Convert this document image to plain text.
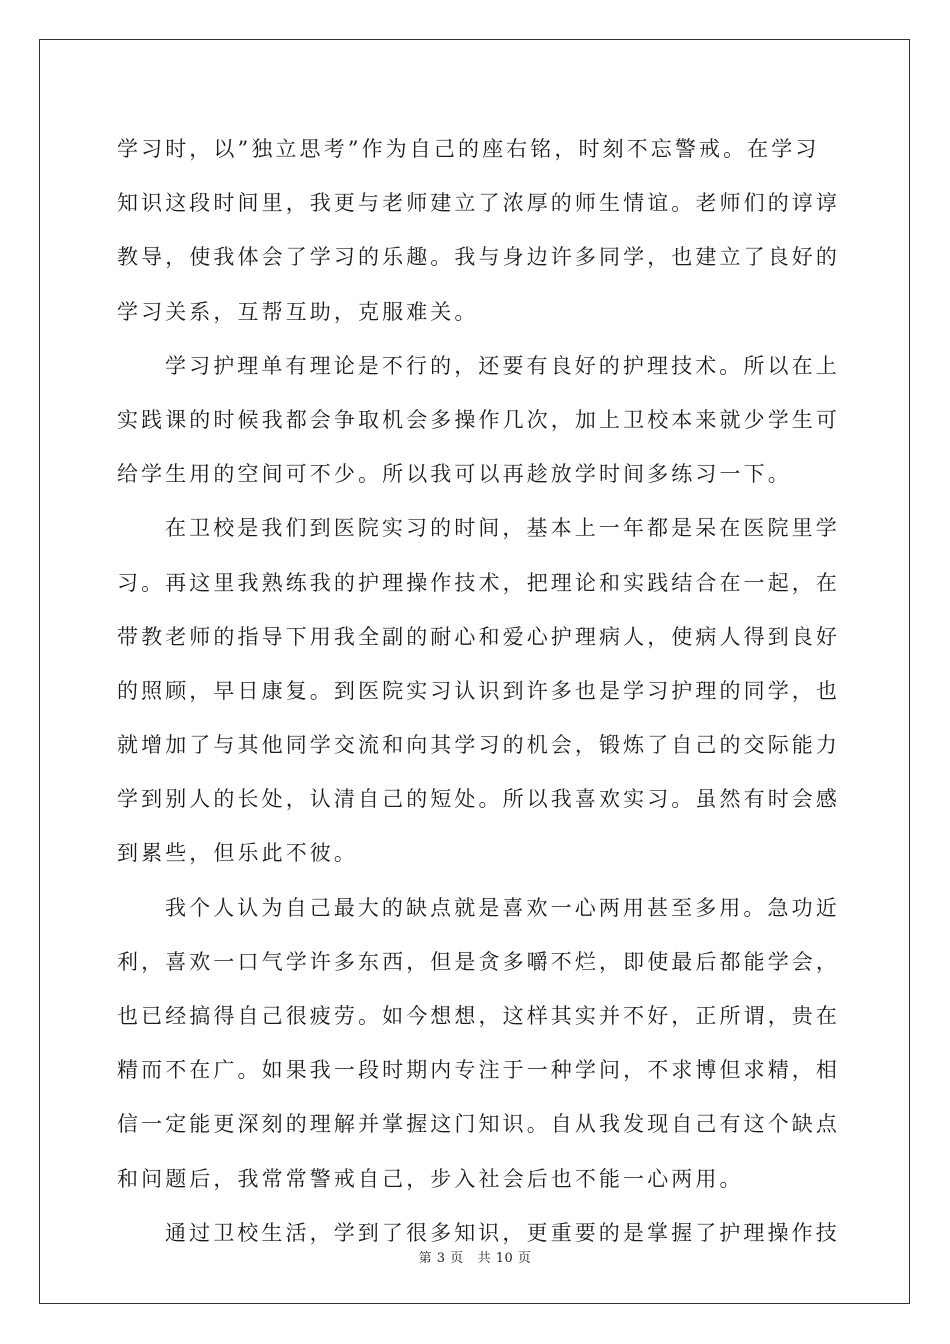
学习时，以”独立思考”作为自己的座右铭，时刻不忘警戒。在学习
知识这段时间里，我更与老师建立了浓厚的师生情谊。老师们的谆谆
教导，使我体会了学习的乐趣。我与身边许多同学，也建立了良好的
学习关系，互帮互助，克服难关。
学习护理单有理论是不行的，还要有良好的护理技术。所以在上
实践课的时候我都会争取机会多操作几次，加上卫校本来就少学生可
给学生用的空间可不少。所以我可以再趁放学时间多练习一下。
在卫校是我们到医院实习的时间，基本上一年都是呆在医院里学
习。再这里我熟练我的护理操作技术，把理论和实践结合在一起，在
带教老师的指导下用我全副的耐心和爱心护理病人，使病人得到良好
的照顾，早日康复。到医院实习认识到许多也是学习护理的同学，也
就增加了与其他同学交流和向其学习的机会，锻炼了自己的交际能力
学到别人的长处，认清自己的短处。所以我喜欢实习。虽然有时会感
到累些，但乐此不彼。
我个人认为自己最大的缺点就是喜欢一心两用甚至多用。急功近
利，喜欢一口气学许多东西，但是贪多嚼不烂，即使最后都能学会，
也已经搞得自己很疲劳。如今想想，这样其实并不好，正所谓，贵在
精而不在广。如果我一段时期内专注于一种学问，不求博但求精，相
信一定能更深刻的理解并掌握这门知识。自从我发现自己有这个缺点
和问题后，我常常警戒自己，步入社会后也不能一心两用。
通过卫校生活，学到了很多知识，更重要的是掌握了护理操作技
第 3 页 共 10 页
